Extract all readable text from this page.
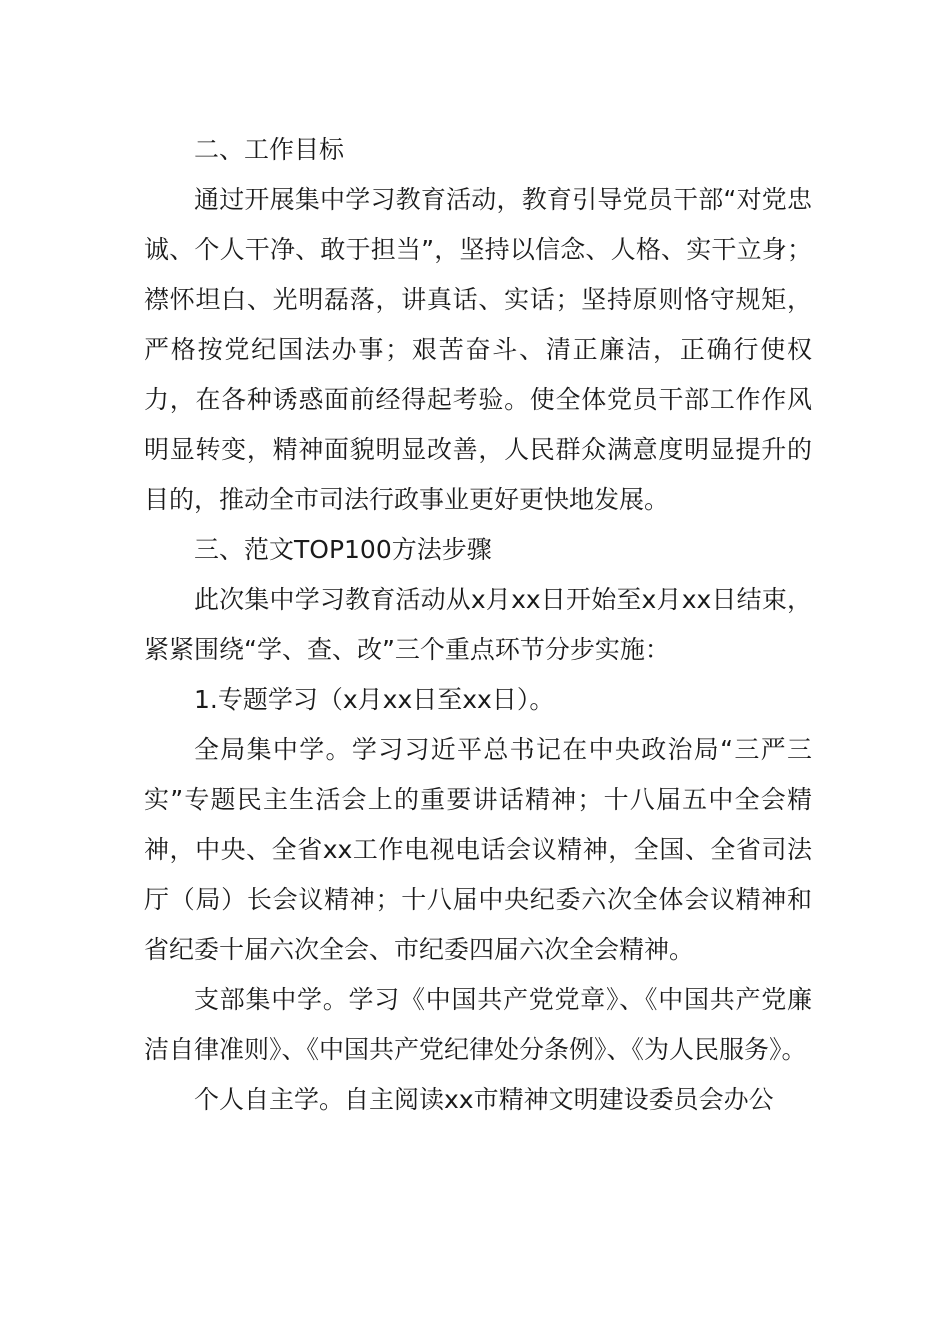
二、工作目标

通过开展集中学习教育活动，教育引导党员干部“对党忠诚、个人干净、敢于担当”，坚持以信念、人格、实干立身；襟怀坦白、光明磊落，讲真话、实话；坚持原则恪守规矩，严格按党纪国法办事；艰苦奋斗、清正廉洁，正确行使权力，在各种诱惑面前经得起考验。使全体党员干部工作作风明显转变，精神面貌明显改善，人民群众满意度明显提升的目的，推动全市司法行政事业更好更快地发展。

三、范文TOP100方法步骤

此次集中学习教育活动从x月xx日开始至x月xx日结束，紧紧围绕“学、查、改”三个重点环节分步实施：

1.专题学习（x月xx日至xx日）。

全局集中学。学习习近平总书记在中央政治局“三严三实”专题民主生活会上的重要讲话精神；十八届五中全会精神，中央、全省xx工作电视电话会议精神，全国、全省司法厅（局）长会议精神；十八届中央纪委六次全体会议精神和省纪委十届六次全会、市纪委四届六次全会精神。

支部集中学。学习《中国共产党党章》、《中国共产党廉洁自律准则》、《中国共产党纪律处分条例》、《为人民服务》。

个人自主学。自主阅读xx市精神文明建设委员会办公
